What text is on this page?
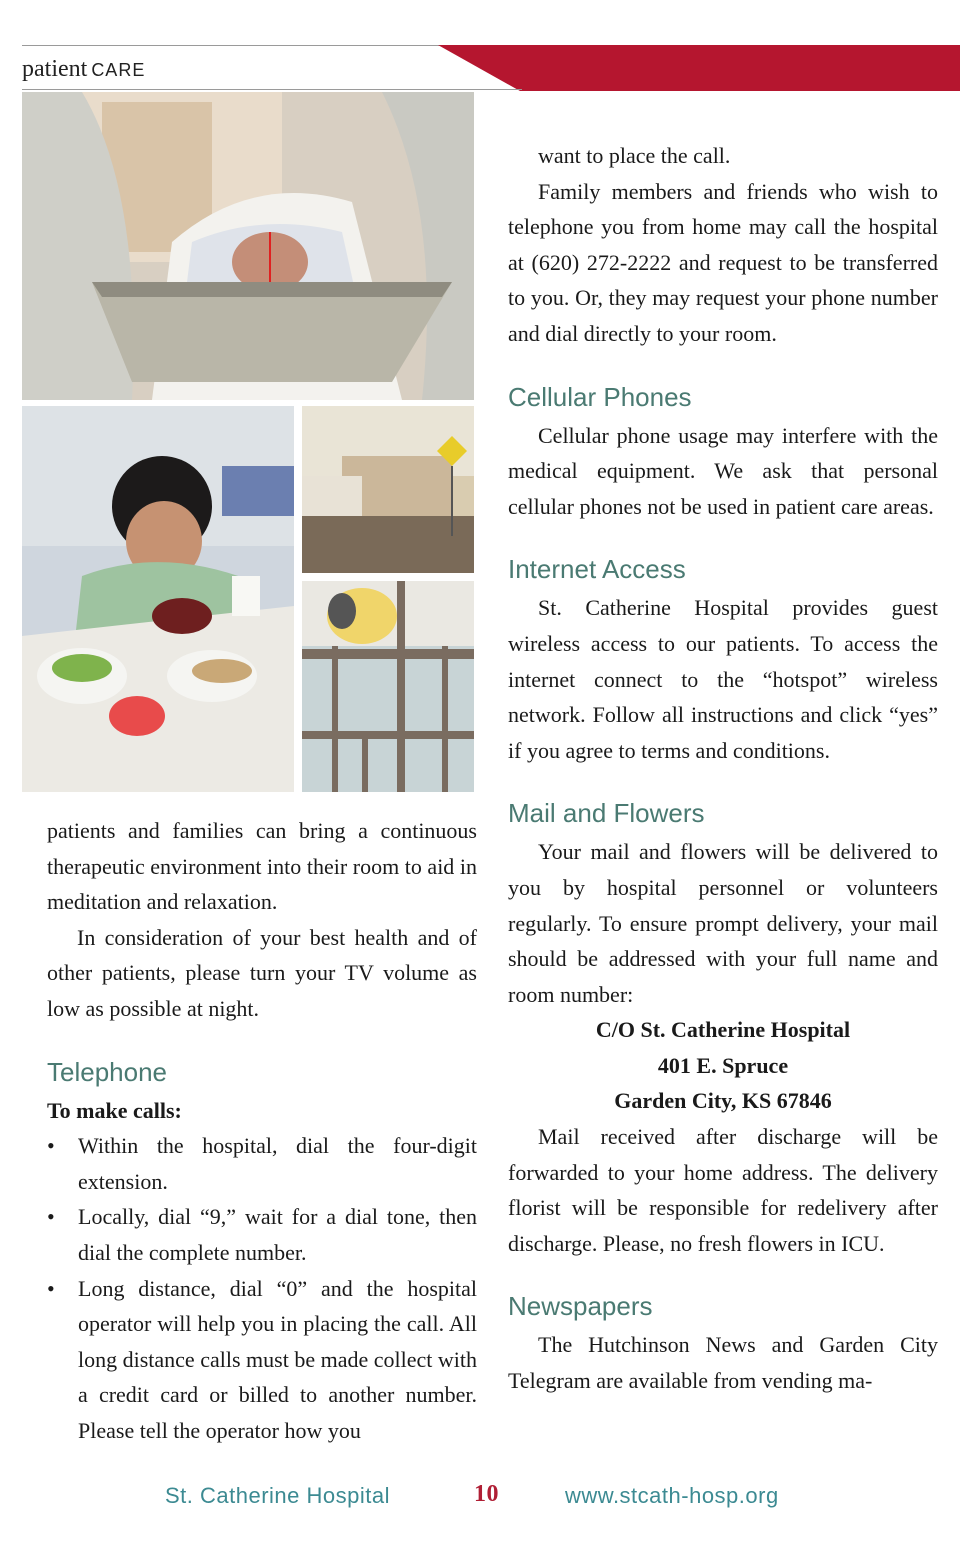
patient CARE

patients and families can bring a continuous therapeutic environment into their room to aid in meditation and relaxation.

In consideration of your best health and of other patients, please turn your TV volume as low as possible at night.

Telephone
To make calls:
• Within the hospital, dial the four-digit extension.
• Locally, dial “9,” wait for a dial tone, then dial the complete number.
• Long distance, dial “0” and the hospital operator will help you in placing the call. All long distance calls must be made collect with a credit card or billed to another number. Please tell the operator how you

want to place the call.

Family members and friends who wish to telephone you from home may call the hospital at (620) 272-2222 and request to be transferred to you. Or, they may request your phone number and dial directly to your room.

Cellular Phones

Cellular phone usage may interfere with the medical equipment. We ask that personal cellular phones not be used in patient care areas.

Internet Access

St. Catherine Hospital provides guest wireless access to our patients. To access the internet connect to the “hotspot” wireless network. Follow all instructions and click “yes” if you agree to terms and conditions.

Mail and Flowers

Your mail and flowers will be delivered to you by hospital personnel or volunteers regularly. To ensure prompt delivery, your mail should be addressed with your full name and room number:

C/O St. Catherine Hospital
401 E. Spruce
Garden City, KS 67846

Mail received after discharge will be forwarded to your home address. The delivery florist will be responsible for redelivery after discharge. Please, no fresh flowers in ICU.

Newspapers

The Hutchinson News and Garden City Telegram are available from vending ma-

St. Catherine Hospital	10	www.stcath-hosp.org
